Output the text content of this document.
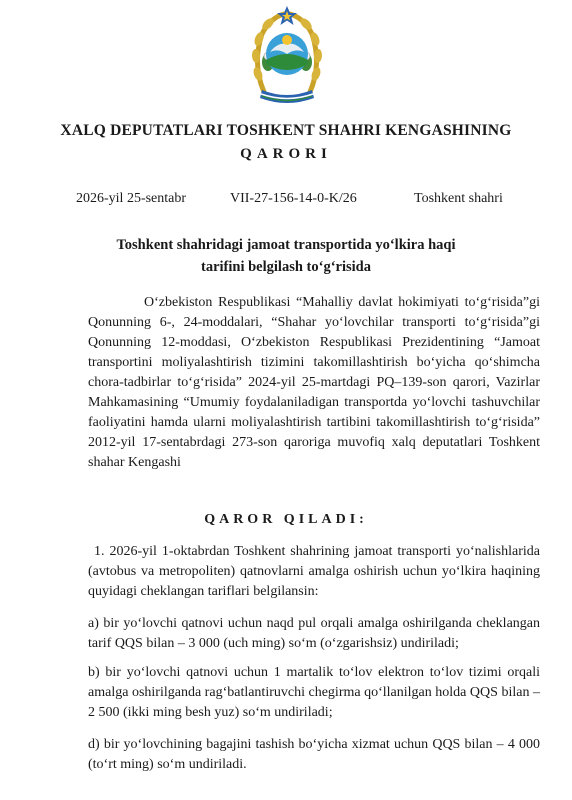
XALQ DEPUTATLARI TOSHKENT SHAHRI KENGASHINING
QARORI
2026-yil 25-sentabr	VII-27-156-14-0-K/26	Toshkent shahri
Toshkent shahridagi jamoat transportida yo‘lkira haqi
tarifini belgilash to‘g‘risida
O‘zbekiston Respublikasi “Mahalliy davlat hokimiyati to‘g‘risida”gi Qonunning 6-, 24-moddalari, “Shahar yo‘lovchilar transporti to‘g‘risida”gi Qonunning 12-moddasi, O‘zbekiston Respublikasi Prezidentining “Jamoat transportini moliyalashtirish tizimini takomillashtirish bo‘yicha qo‘shimcha chora-tadbirlar to‘g‘risida” 2024-yil 25-martdagi PQ–139-son qarori, Vazirlar Mahkamasining “Umumiy foydalaniladigan transportda yo‘lovchi tashuvchilar faoliyatini hamda ularni moliyalashtirish tartibini takomillashtirish to‘g‘risida” 2012-yil 17-sentabrdagi 273-son qaroriga muvofiq xalq deputatlari Toshkent shahar Kengashi
QAROR QILADI:
1. 2026-yil 1-oktabrdan Toshkent shahrining jamoat transporti yo‘nalishlarida (avtobus va metropoliten) qatnovlarni amalga oshirish uchun yo‘lkira haqining quyidagi cheklangan tariflari belgilansin:
a) bir yo‘lovchi qatnovi uchun naqd pul orqali amalga oshirilganda cheklangan tarif QQS bilan – 3 000 (uch ming) so‘m (o‘zgarishsiz) undiriladi;
b) bir yo‘lovchi qatnovi uchun 1 martalik to‘lov elektron to‘lov tizimi orqali amalga oshirilganda rag‘batlantiruvchi chegirma qo‘llanilgan holda QQS bilan – 2 500 (ikki ming besh yuz) so‘m undiriladi;
d) bir yo‘lovchining bagajini tashish bo‘yicha xizmat uchun QQS bilan – 4 000 (to‘rt ming) so‘m undiriladi.
